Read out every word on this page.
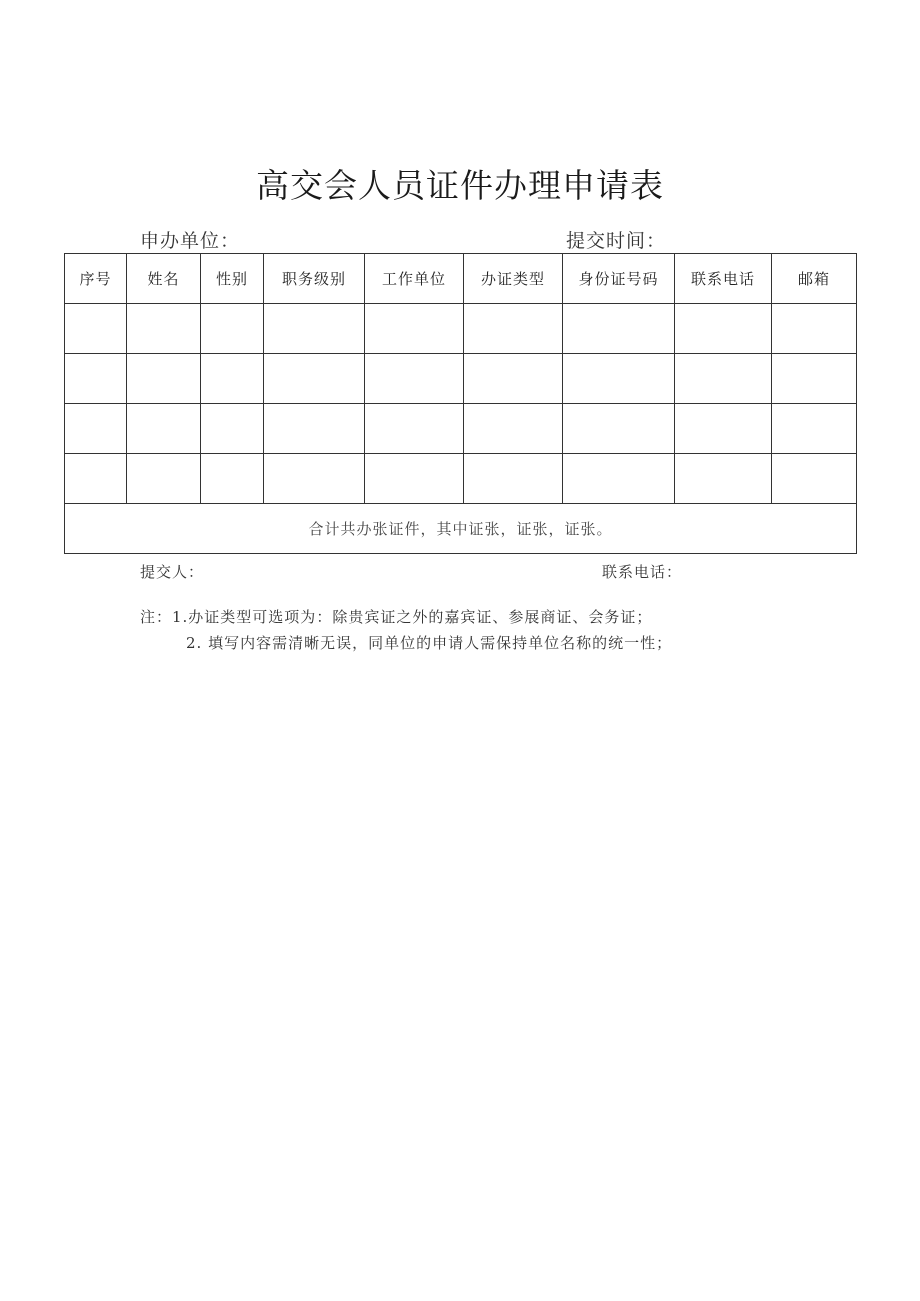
高交会人员证件办理申请表
申办单位：	提交时间：
序号	姓名	性别	职务级别	工作单位	办证类型	身份证号码	联系电话	邮箱

合计共办张证件，其中证张，证张，证张。								
提交人：	联系电话：
注：1.办证类型可选项为：除贵宾证之外的嘉宾证、参展商证、会务证；
2. 填写内容需清晰无误，同单位的申请人需保持单位名称的统一性；
